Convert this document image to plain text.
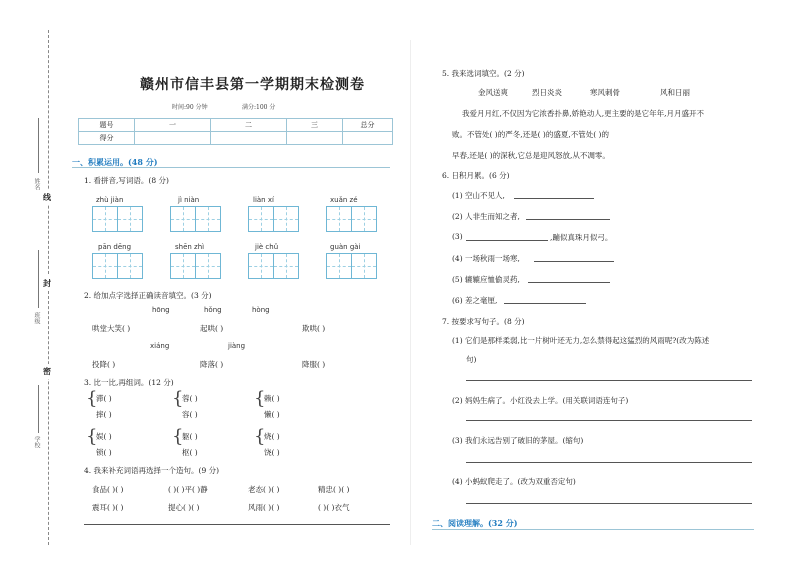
姓名
线
班级
封
密
学校
赣州市信丰县第一学期期末检测卷
时间:90 分钟	满分:100 分
题号	一	二	三	总分
得分				
一、积累运用。(48 分)
1. 看拼音,写词语。(8 分)
zhù jiàn	jì niàn	liàn xí	xuǎn zé
pān dēng	shēn zhì	jiè chǔ	guàn gài
2. 给加点字选择正确读音填空。(3 分)
hōng	hǒng	hòng
哄堂大笑( )	起哄( )	欺哄( )
xiáng	jiàng
投降( )	降落( )	降服( )
3. 比一比,再组词。(12 分)
{
滞( )
摔( )
{
蓉( )
容( )
{
赖( )
懒( )
{
娱( )
锁( )
{
躯( )
枢( )
{
烧( )
饶( )
4. 我来补充词语再选择一个造句。(9 分)
食品( )( )	( )( )平( )静	老态( )( )	精忠( )( )
震耳( )( )	提心( )( )	风雨( )( )	( )( )衣气
5. 我来选词填空。(2 分)
金风送爽	烈日炎炎	寒风刺骨	风和日丽
我爱月月红,不仅因为它浓香扑鼻,娇艳动人,更主要的是它年年,月月盛开不
败。不管处( )的严冬,还是( )的盛夏,不管处( )的
早春,还是( )的深秋,它总是迎风怒放,从不凋零。
6. 日积月累。(6 分)
(1) 空山不见人,
(2) 人非生而知之者,
(3)	,蹦似真珠月似弓。
(4) 一场秋雨一场寒,
(5) 辘辘应恤偷灵药,
(6) 差之毫厘,
7. 按要求写句子。(8 分)
(1) 它们是那样柔弱,比一片树叶还无力,怎么禁得起这猛烈的风雨呢?(改为陈述
句)
(2) 妈妈生病了。小红没去上学。(用关联词语连句子)
(3) 我们永远告别了破旧的茅屋。(缩句)
(4) 小蚂蚁爬走了。(改为双重否定句)
二、阅读理解。(32 分)
